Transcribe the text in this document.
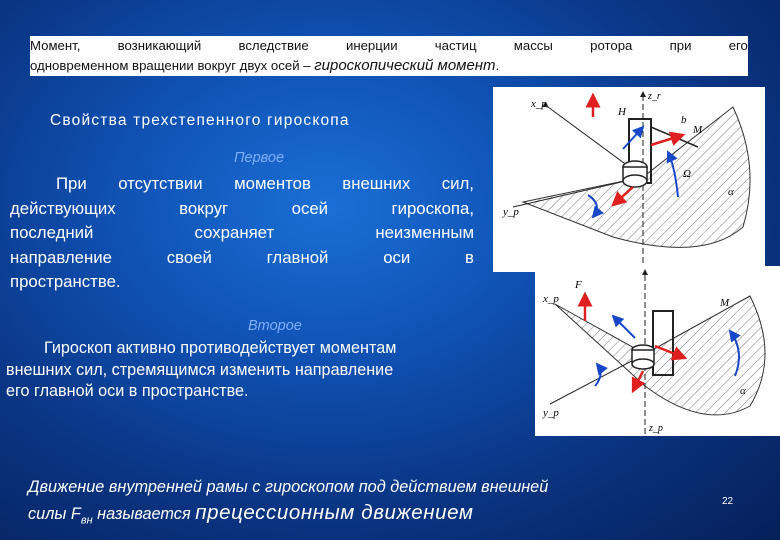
Момент,	возникающий	вследствие	инерции	частиц	массы	ротора	при	его
одновременном вращении вокруг двух осей – гироскопический момент.
Свойства трехстепенного гироскопа
Первое
При отсутствии моментов внешних сил,
действующих	вокруг	осей	гироскопа,
последний	сохраняет	неизменным
направление	своей	главной	оси	в
пространстве.
x_p
y_p
z_r
H
b
M
α
Ω
Второе
Гироскоп активно противодействует моментам
внешних сил, стремящимся изменить направление
его главной оси в пространстве.
x_p
y_p
z_p
F
M
α
Движение внутренней рамы с гироскопом под действием внешней
силы $F_{вн}$ называется прецессионным движением	22
